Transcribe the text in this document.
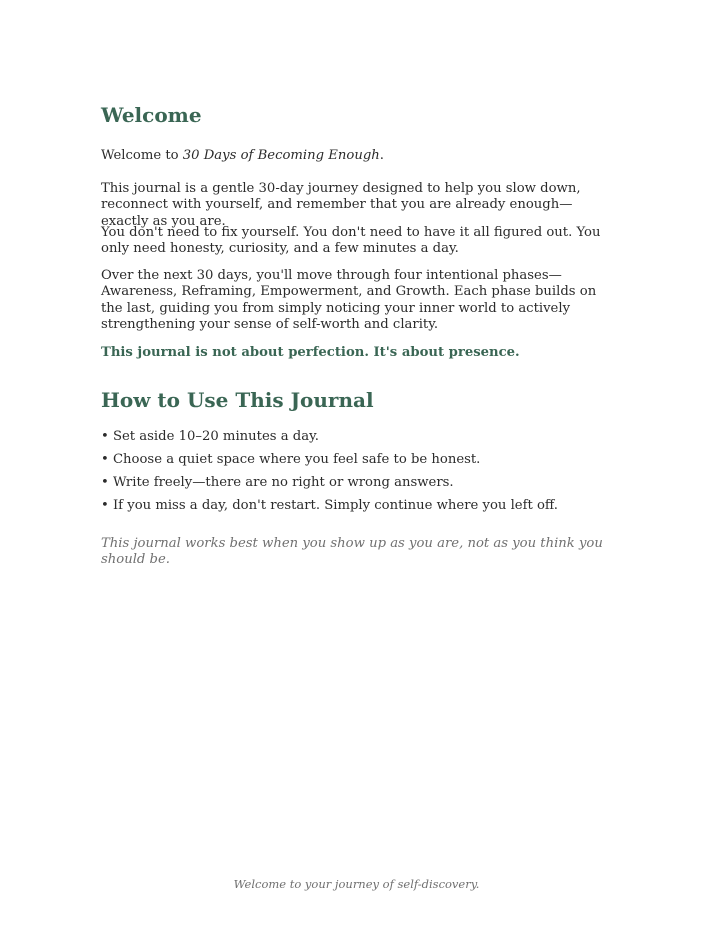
Welcome

Welcome to 30 Days of Becoming Enough.

This journal is a gentle 30-day journey designed to help you slow down, reconnect with yourself, and remember that you are already enough—exactly as you are.

You don't need to fix yourself. You don't need to have it all figured out. You only need honesty, curiosity, and a few minutes a day.

Over the next 30 days, you'll move through four intentional phases—Awareness, Reframing, Empowerment, and Growth. Each phase builds on the last, guiding you from simply noticing your inner world to actively strengthening your sense of self-worth and clarity.

This journal is not about perfection. It's about presence.

How to Use This Journal
• Set aside 10–20 minutes a day.
• Choose a quiet space where you feel safe to be honest.
• Write freely—there are no right or wrong answers.
• If you miss a day, don't restart. Simply continue where you left off.

This journal works best when you show up as you are, not as you think you should be.

Welcome to your journey of self-discovery.
